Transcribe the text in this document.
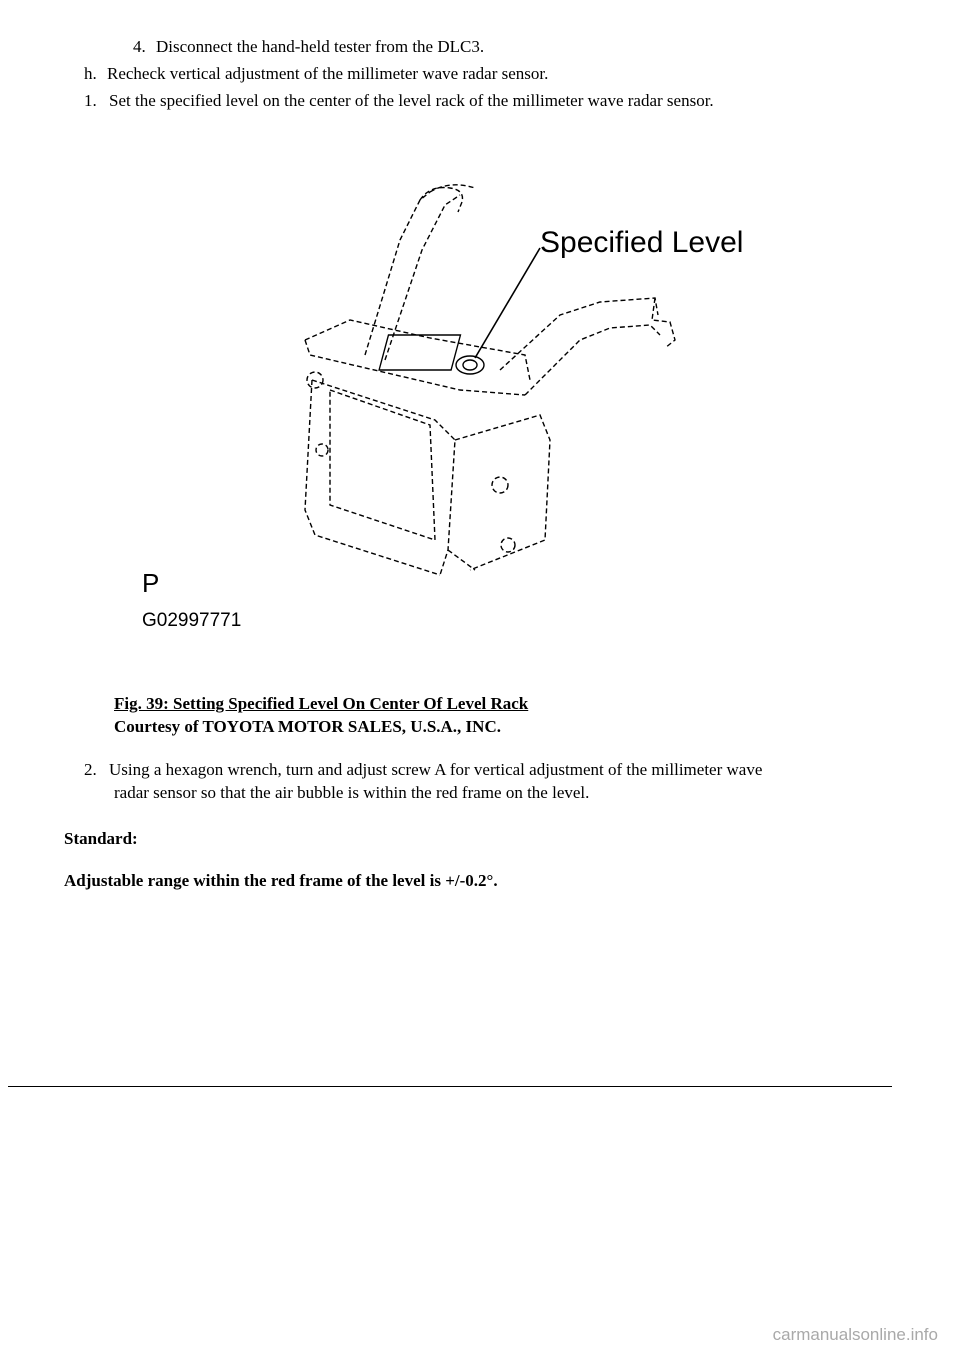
4. Disconnect the hand-held tester from the DLC3.
h. Recheck vertical adjustment of the millimeter wave radar sensor.
1. Set the specified level on the center of the level rack of the millimeter wave radar sensor.
Specified Level
P
G02997771
Fig. 39: Setting Specified Level On Center Of Level Rack
Courtesy of TOYOTA MOTOR SALES, U.S.A., INC.
2. Using a hexagon wrench, turn and adjust screw A for vertical adjustment of the millimeter wave
radar sensor so that the air bubble is within the red frame on the level.
Standard:
Adjustable range within the red frame of the level is +/-0.2°.
carmanualsonline.info
